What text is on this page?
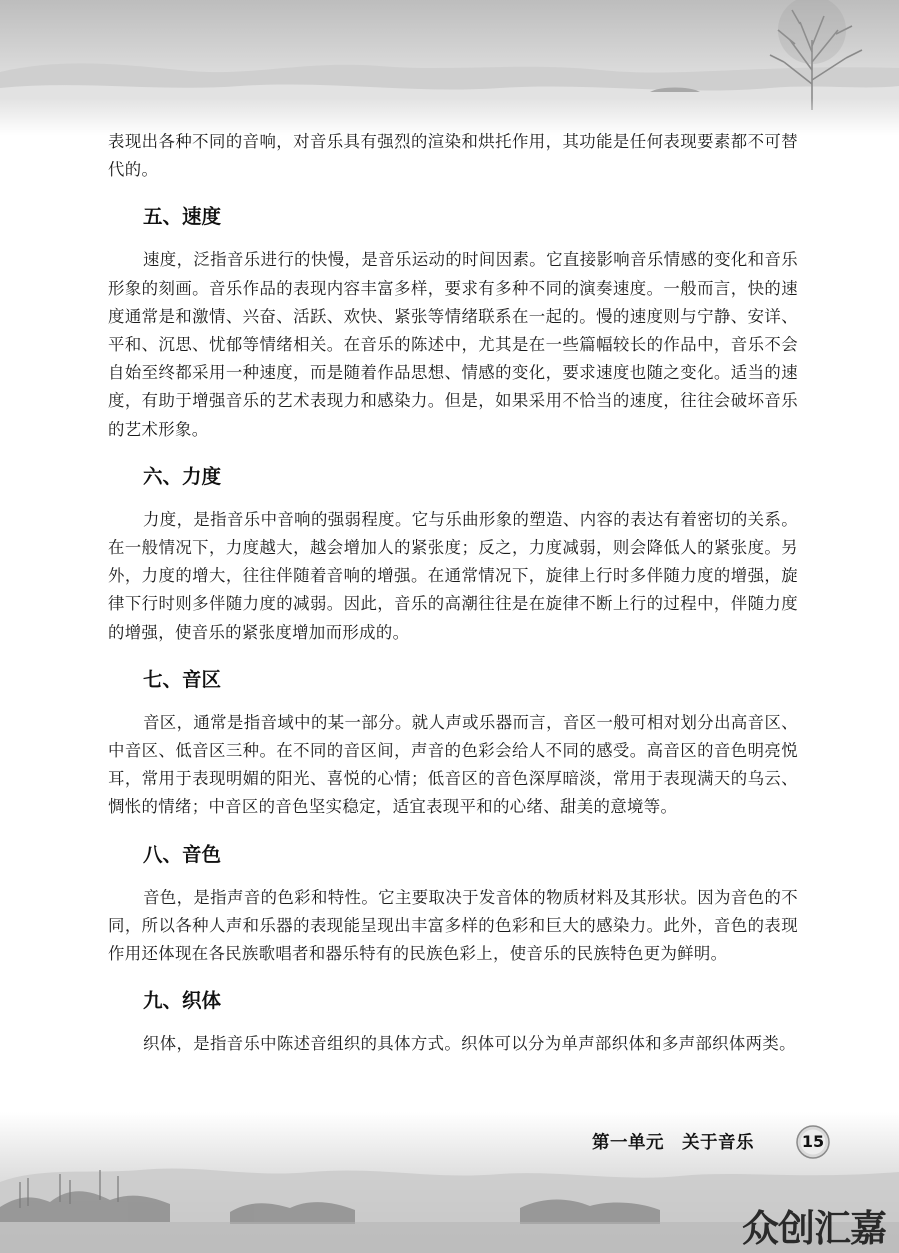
表现出各种不同的音响，对音乐具有强烈的渲染和烘托作用，其功能是任何表现要素都不可替代的。

五、速度

速度，泛指音乐进行的快慢，是音乐运动的时间因素。它直接影响音乐情感的变化和音乐形象的刻画。音乐作品的表现内容丰富多样，要求有多种不同的演奏速度。一般而言，快的速度通常是和激情、兴奋、活跃、欢快、紧张等情绪联系在一起的。慢的速度则与宁静、安详、平和、沉思、忧郁等情绪相关。在音乐的陈述中，尤其是在一些篇幅较长的作品中，音乐不会自始至终都采用一种速度，而是随着作品思想、情感的变化，要求速度也随之变化。适当的速度，有助于增强音乐的艺术表现力和感染力。但是，如果采用不恰当的速度，往往会破坏音乐的艺术形象。

六、力度

力度，是指音乐中音响的强弱程度。它与乐曲形象的塑造、内容的表达有着密切的关系。在一般情况下，力度越大，越会增加人的紧张度；反之，力度减弱，则会降低人的紧张度。另外，力度的增大，往往伴随着音响的增强。在通常情况下，旋律上行时多伴随力度的增强，旋律下行时则多伴随力度的减弱。因此，音乐的高潮往往是在旋律不断上行的过程中，伴随力度的增强，使音乐的紧张度增加而形成的。

七、音区

音区，通常是指音域中的某一部分。就人声或乐器而言，音区一般可相对划分出高音区、中音区、低音区三种。在不同的音区间，声音的色彩会给人不同的感受。高音区的音色明亮悦耳，常用于表现明媚的阳光、喜悦的心情；低音区的音色深厚暗淡，常用于表现满天的乌云、惆怅的情绪；中音区的音色坚实稳定，适宜表现平和的心绪、甜美的意境等。

八、音色

音色，是指声音的色彩和特性。它主要取决于发音体的物质材料及其形状。因为音色的不同，所以各种人声和乐器的表现能呈现出丰富多样的色彩和巨大的感染力。此外，音色的表现作用还体现在各民族歌唱者和器乐特有的民族色彩上，使音乐的民族特色更为鲜明。

九、织体

织体，是指音乐中陈述音组织的具体方式。织体可以分为单声部织体和多声部织体两类。

第一单元　关于音乐	15
众创汇嘉
